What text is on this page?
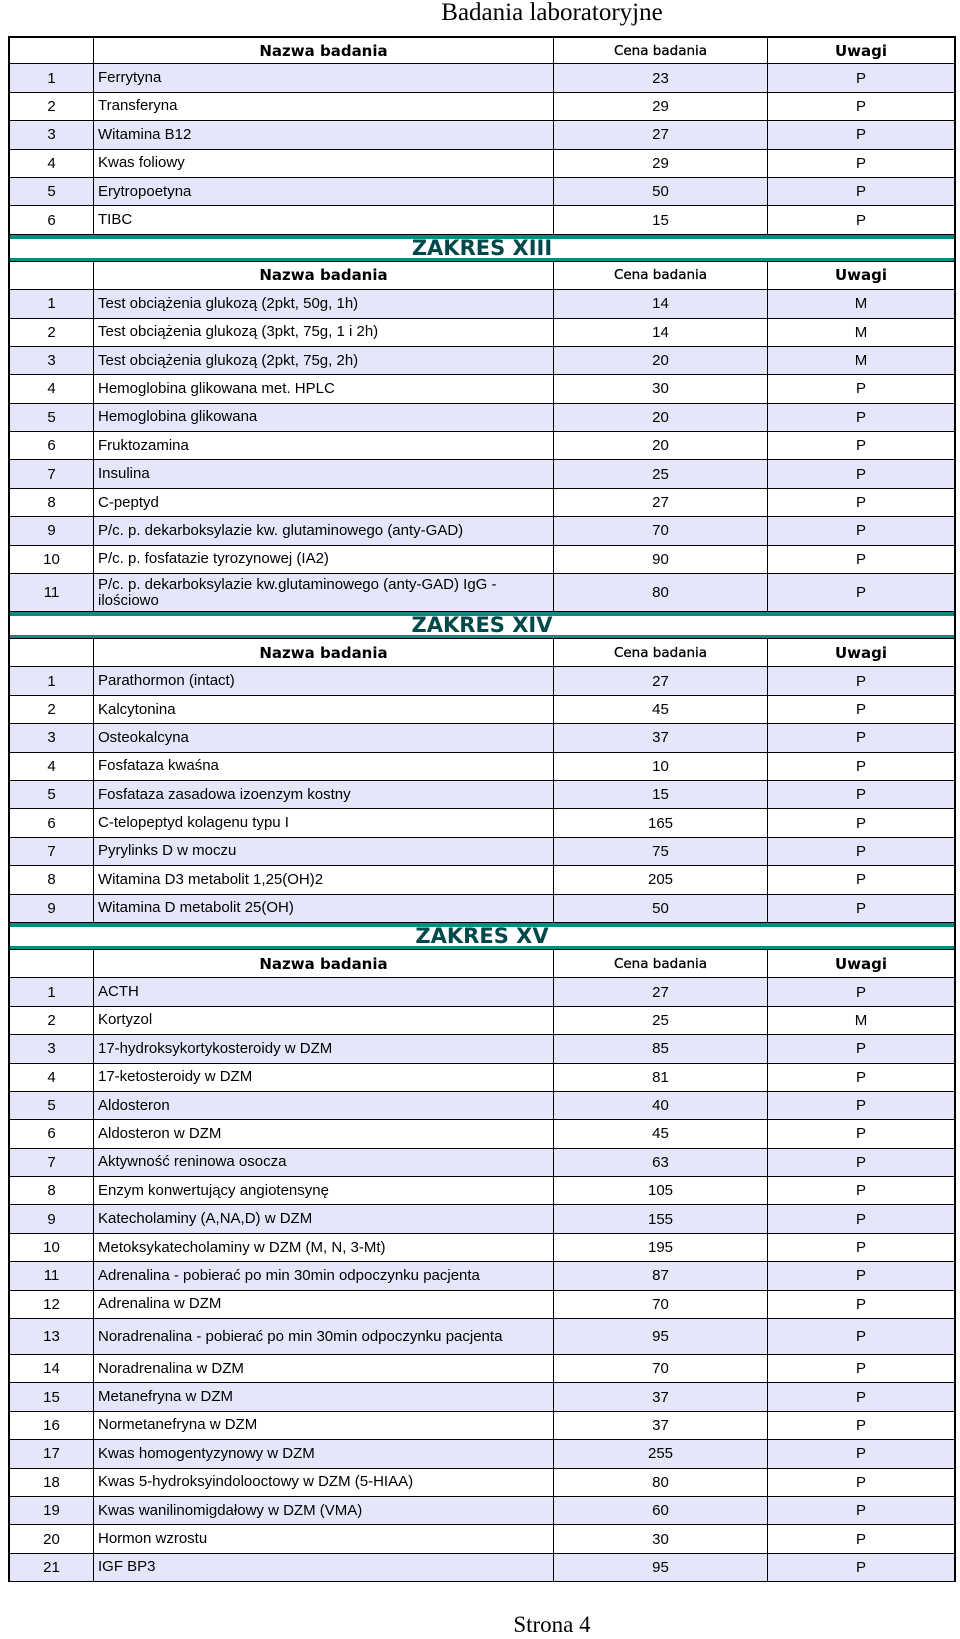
Badania laboratoryjne
Nazwa badania	Cena badania	Uwagi
1	Ferrytyna	23	P
2	Transferyna	29	P
3	Witamina B12	27	P
4	Kwas foliowy	29	P
5	Erytropoetyna	50	P
6	TIBC	15	P
ZAKRES XIII
Nazwa badania	Cena badania	Uwagi
1	Test obciążenia glukozą (2pkt, 50g, 1h)	14	M
2	Test obciążenia glukozą (3pkt, 75g, 1 i 2h)	14	M
3	Test obciążenia glukozą (2pkt, 75g, 2h)	20	M
4	Hemoglobina glikowana met. HPLC	30	P
5	Hemoglobina glikowana	20	P
6	Fruktozamina	20	P
7	Insulina	25	P
8	C-peptyd	27	P
9	P/c. p. dekarboksylazie kw. glutaminowego (anty-GAD)	70	P
10	P/c. p. fosfatazie tyrozynowej (IA2)	90	P
11	P/c. p. dekarboksylazie kw.glutaminowego (anty-GAD) IgG - ilościowo	80	P
ZAKRES XIV
Nazwa badania	Cena badania	Uwagi
1	Parathormon (intact)	27	P
2	Kalcytonina	45	P
3	Osteokalcyna	37	P
4	Fosfataza kwaśna	10	P
5	Fosfataza zasadowa izoenzym kostny	15	P
6	C-telopeptyd kolagenu typu I	165	P
7	Pyrylinks D w moczu	75	P
8	Witamina D3 metabolit 1,25(OH)2	205	P
9	Witamina D metabolit 25(OH)	50	P
ZAKRES XV
Nazwa badania	Cena badania	Uwagi
1	ACTH	27	P
2	Kortyzol	25	M
3	17-hydroksykortykosteroidy w DZM	85	P
4	17-ketosteroidy w DZM	81	P
5	Aldosteron	40	P
6	Aldosteron w DZM	45	P
7	Aktywność reninowa osocza	63	P
8	Enzym konwertujący angiotensynę	105	P
9	Katecholaminy (A,NA,D) w DZM	155	P
10	Metoksykatecholaminy w DZM (M, N, 3-Mt)	195	P
11	Adrenalina - pobierać po min 30min odpoczynku pacjenta	87	P
12	Adrenalina w DZM	70	P
13	Noradrenalina - pobierać po min 30min odpoczynku pacjenta	95	P
14	Noradrenalina w DZM	70	P
15	Metanefryna w DZM	37	P
16	Normetanefryna w DZM	37	P
17	Kwas homogentyzynowy w DZM	255	P
18	Kwas 5-hydroksyindolooctowy w DZM (5-HIAA)	80	P
19	Kwas wanilinomigdałowy w DZM (VMA)	60	P
20	Hormon wzrostu	30	P
21	IGF BP3	95	P
Strona 4
